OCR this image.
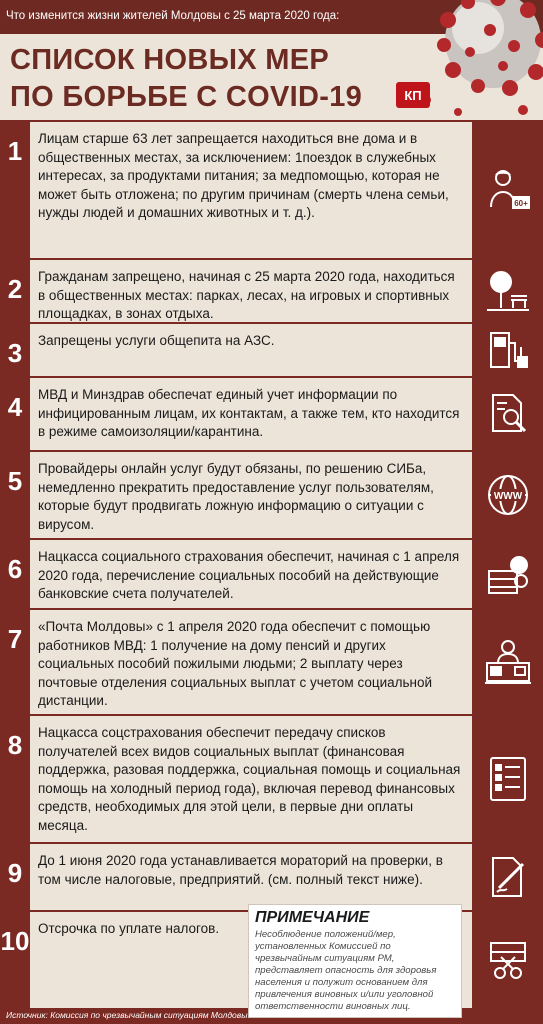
Что изменится жизни жителей Молдовы с 25 марта 2020 года:
СПИСОК НОВЫХ МЕР
ПО БОРЬБЕ С COVID-19	КП
1	Лицам старше 63 лет запрещается находиться вне дома и в общественных местах, за исключением: 1поездок в служебных интересах, за продуктами питания; за медпомощью, которая не может быть отложена; по другим причинам (смерть члена семьи, нужды людей и домашних животных и т. д.).
60+
2	Гражданам запрещено, начиная с 25 марта 2020 года, находиться в общественных местах: парках, лесах, на игровых и спортивных площадках, в зонах отдыха.
3	Запрещены услуги общепита на АЗС.
4	МВД и Минздрав обеспечат единый учет информации по инфицированным лицам, их контактам, а также тем, кто находится в режиме самоизоляции/карантина.
5	Провайдеры онлайн услуг будут обязаны, по решению СИБа, немедленно прекратить предоставление услуг пользователям, которые будут продвигать ложную информацию о ситуации с вирусом.
WWW
6	Нацкасса социального страхования обеспечит, начиная с 1 апреля 2020 года, перечисление социальных пособий на действующие банковские счета получателей.
7	«Почта Молдовы» с 1 апреля 2020 года обеспечит с помощью работников МВД: 1 получение на дому пенсий и других социальных пособий пожилыми людьми; 2 выплату через почтовые отделения социальных выплат с учетом социальной дистанции.
8	Нацкасса соцстрахования обеспечит передачу списков получателей всех видов социальных выплат (финансовая поддержка, разовая поддержка, социальная помощь и социальная помощь на холодный период года), включая перевод финансовых средств, необходимых для этой цели, в первые дни оплаты месяца.
9	До 1 июня 2020 года устанавливается мораторий на проверки, в том числе налоговые, предприятий. (см. полный текст ниже).
10 Отсрочка по уплате налогов.
ПРИМЕЧАНИЕ
Несоблюдение положений/мер, установленных Комиссией по чрезвычайным ситуациям РМ, представляет опасность для здоровья населения и полужит основанием для привлечения виновных и/или уголовной ответственности виновных лиц.
Источник: Комиссия по чрезвычайным ситуациям Молдовы
